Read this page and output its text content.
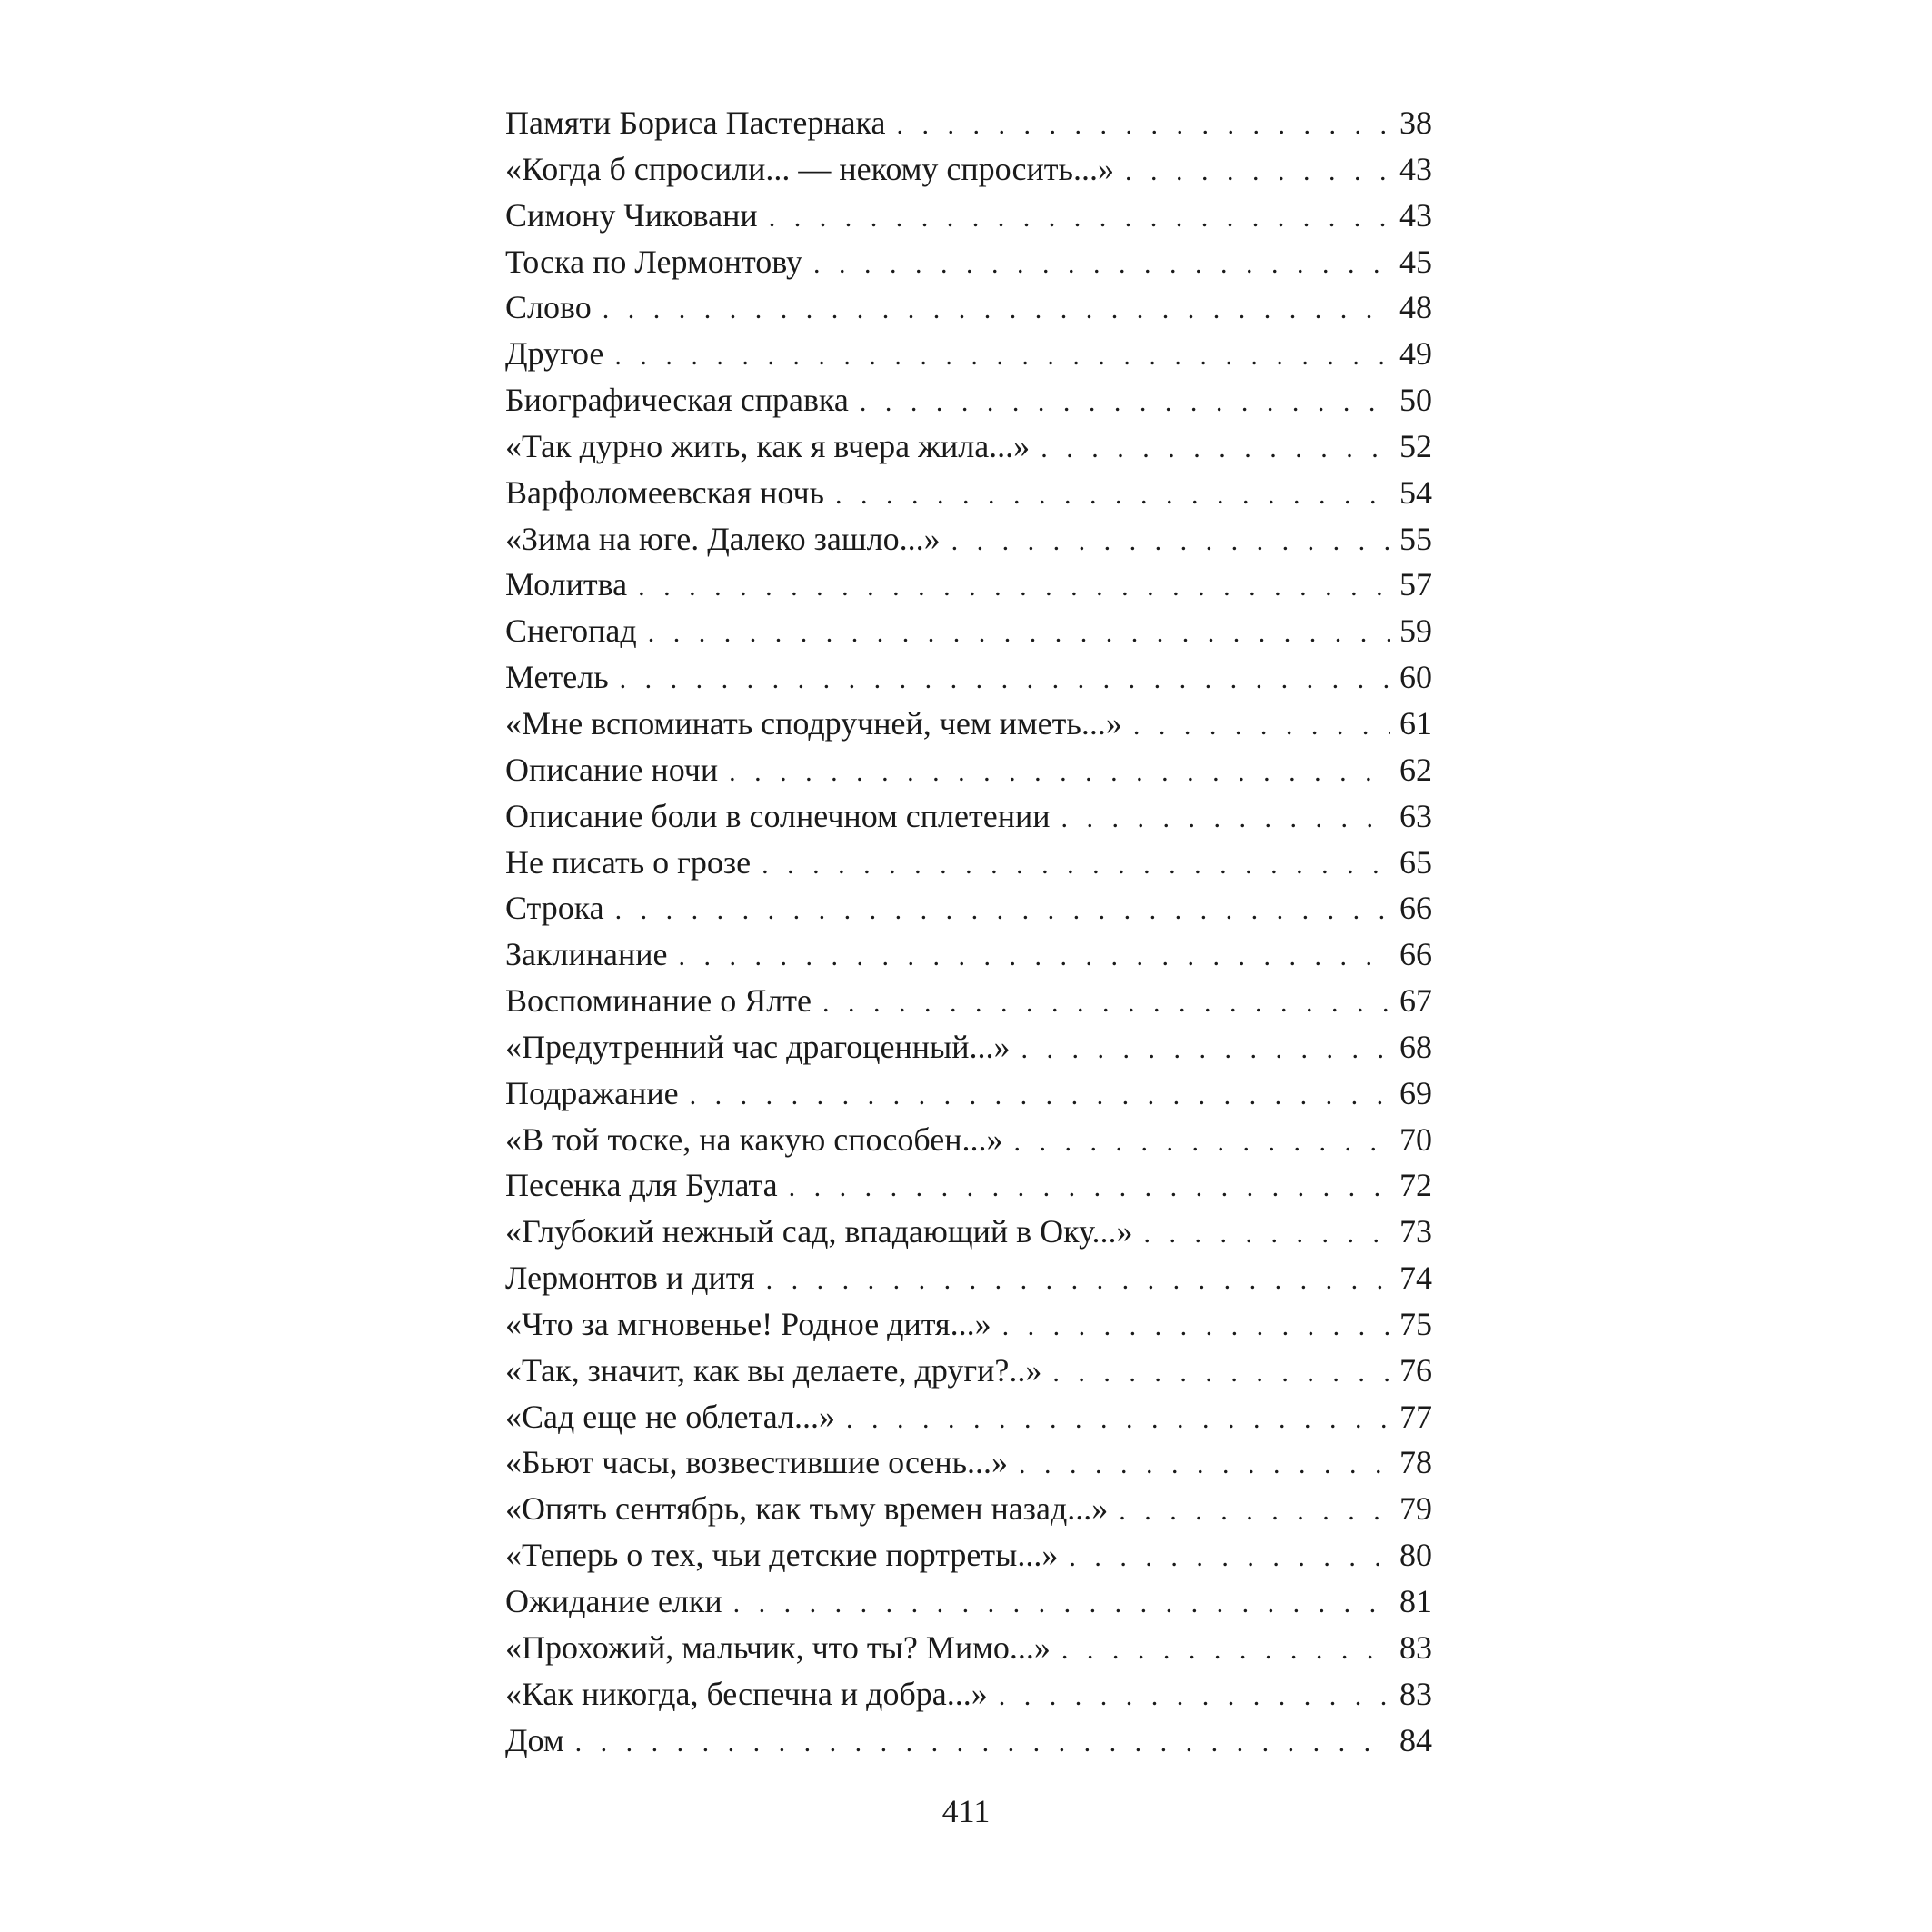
Памяти Бориса Пастернака . . .	38
«Когда б спросили... — некому спросить...» . . .	43
Симону Чиковани . . .	43
Тоска по Лермонтову . . .	45
Слово . . .	48
Другое . . .	49
Биографическая справка . . .	50
«Так дурно жить, как я вчера жила...» . . .	52
Варфоломеевская ночь . . .	54
«Зима на юге. Далеко зашло...» . . .	55
Молитва . . .	57
Снегопад . . .	59
Метель . . .	60
«Мне вспоминать сподручней, чем иметь...» . . .	61
Описание ночи . . .	62
Описание боли в солнечном сплетении . . .	63
Не писать о грозе . . .	65
Строка . . .	66
Заклинание . . .	66
Воспоминание о Ялте . . .	67
«Предутренний час драгоценный...» . . .	68
Подражание . . .	69
«В той тоске, на какую способен...» . . .	70
Песенка для Булата . . .	72
«Глубокий нежный сад, впадающий в Оку...» . . .	73
Лермонтов и дитя . . .	74
«Что за мгновенье! Родное дитя...» . . .	75
«Так, значит, как вы делаете, други?..» . . .	76
«Сад еще не облетал...» . . .	77
«Бьют часы, возвестившие осень...» . . .	78
«Опять сентябрь, как тьму времен назад...» . . .	79
«Теперь о тех, чьи детские портреты...» . . .	80
Ожидание елки . . .	81
«Прохожий, мальчик, что ты? Мимо...» . . .	83
«Как никогда, беспечна и добра...» . . .	83
Дом . . .	84
411
